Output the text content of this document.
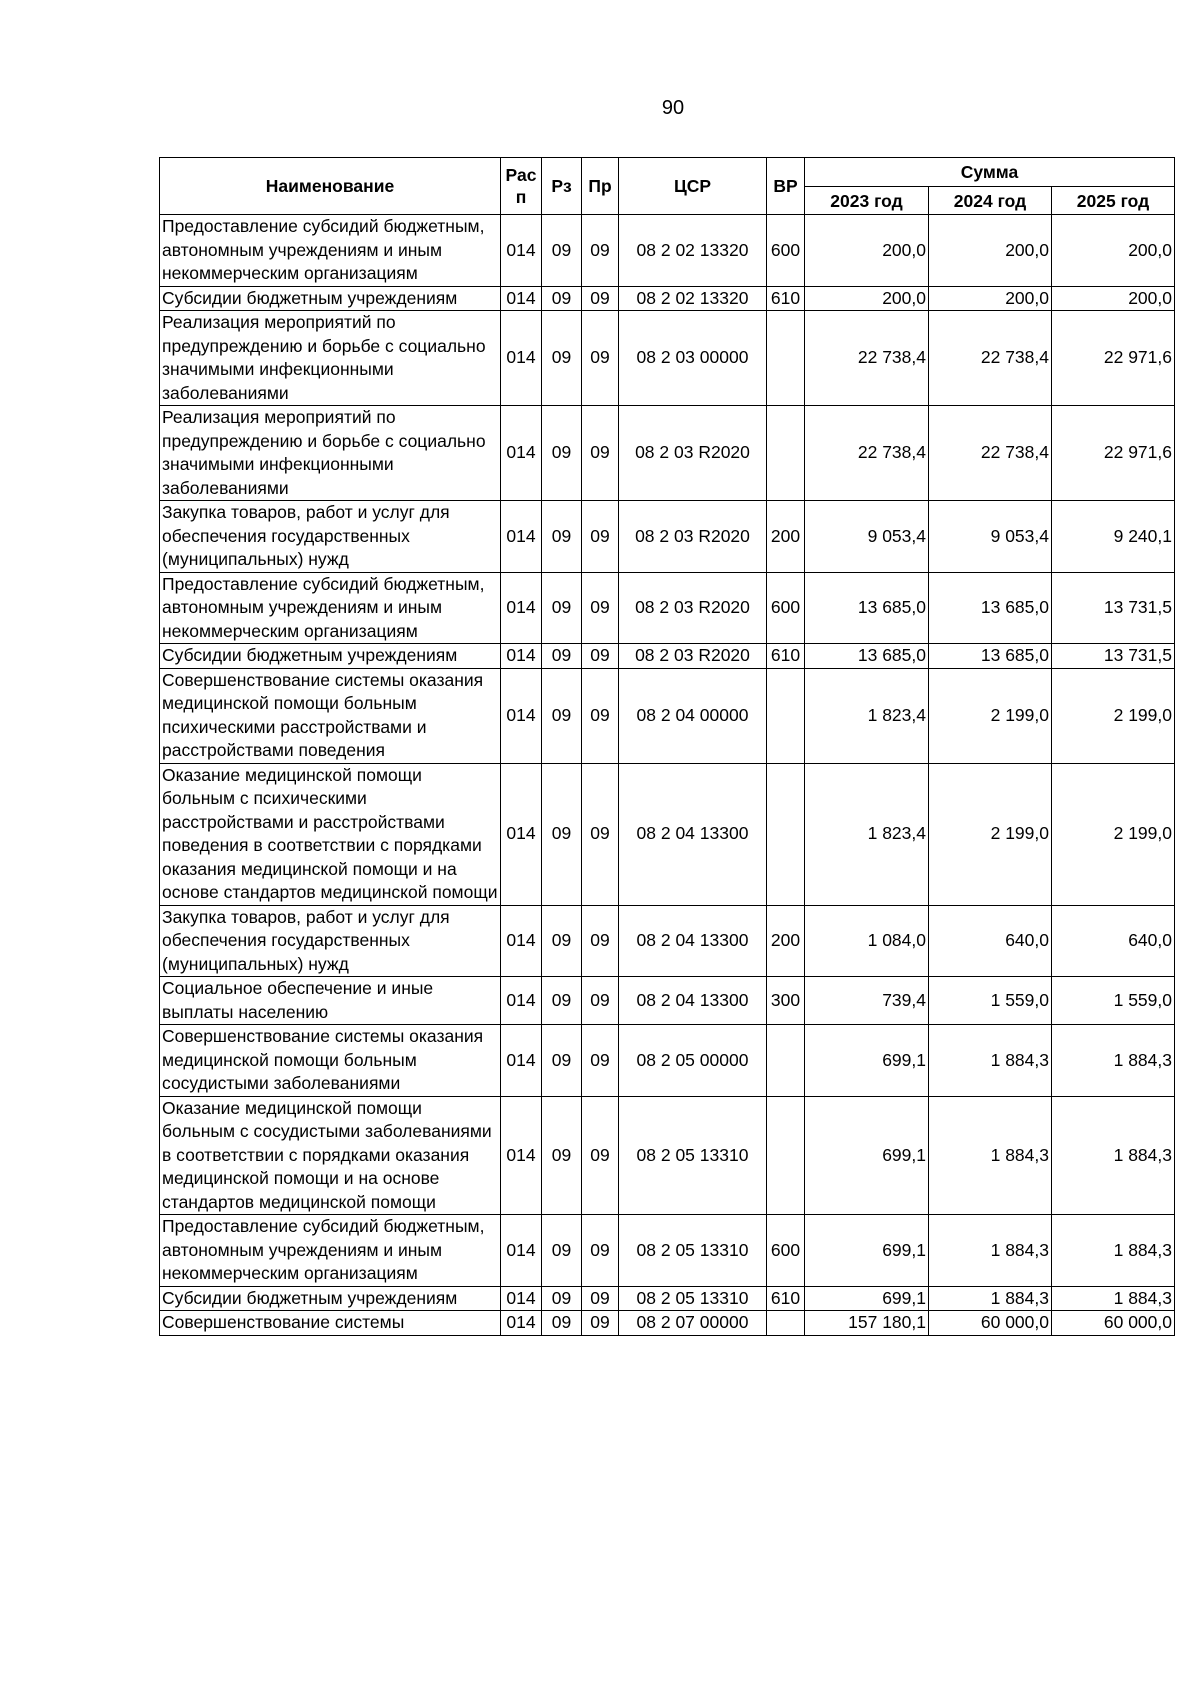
90
Наименование	Рас п	Рз	Пр	ЦСР	ВР	Сумма		
						2023 год	2024 год	2025 год
Предоставление субсидий бюджетным, автономным учреждениям и иным некоммерческим организациям	014	09	09	08 2 02 13320	600	200,0	200,0	200,0
Субсидии бюджетным учреждениям	014	09	09	08 2 02 13320	610	200,0	200,0	200,0
Реализация мероприятий по предупреждению и борьбе с социально значимыми инфекционными заболеваниями	014	09	09	08 2 03 00000		22 738,4	22 738,4	22 971,6
Реализация мероприятий по предупреждению и борьбе с социально значимыми инфекционными заболеваниями	014	09	09	08 2 03 R2020		22 738,4	22 738,4	22 971,6
Закупка товаров, работ и услуг для обеспечения государственных (муниципальных) нужд	014	09	09	08 2 03 R2020	200	9 053,4	9 053,4	9 240,1
Предоставление субсидий бюджетным, автономным учреждениям и иным некоммерческим организациям	014	09	09	08 2 03 R2020	600	13 685,0	13 685,0	13 731,5
Субсидии бюджетным учреждениям	014	09	09	08 2 03 R2020	610	13 685,0	13 685,0	13 731,5
Совершенствование системы оказания медицинской помощи больным психическими расстройствами и расстройствами поведения	014	09	09	08 2 04 00000		1 823,4	2 199,0	2 199,0
Оказание медицинской помощи больным с психическими расстройствами и расстройствами поведения в соответствии с порядками оказания медицинской помощи и на основе стандартов медицинской помощи	014	09	09	08 2 04 13300		1 823,4	2 199,0	2 199,0
Закупка товаров, работ и услуг для обеспечения государственных (муниципальных) нужд	014	09	09	08 2 04 13300	200	1 084,0	640,0	640,0
Социальное обеспечение и иные выплаты населению	014	09	09	08 2 04 13300	300	739,4	1 559,0	1 559,0
Совершенствование системы оказания медицинской помощи больным сосудистыми заболеваниями	014	09	09	08 2 05 00000		699,1	1 884,3	1 884,3
Оказание медицинской помощи больным с сосудистыми заболеваниями в соответствии с порядками оказания медицинской помощи и на основе стандартов медицинской помощи	014	09	09	08 2 05 13310		699,1	1 884,3	1 884,3
Предоставление субсидий бюджетным, автономным учреждениям и иным некоммерческим организациям	014	09	09	08 2 05 13310	600	699,1	1 884,3	1 884,3
Субсидии бюджетным учреждениям	014	09	09	08 2 05 13310	610	699,1	1 884,3	1 884,3
Совершенствование системы	014	09	09	08 2 07 00000		157 180,1	60 000,0	60 000,0
